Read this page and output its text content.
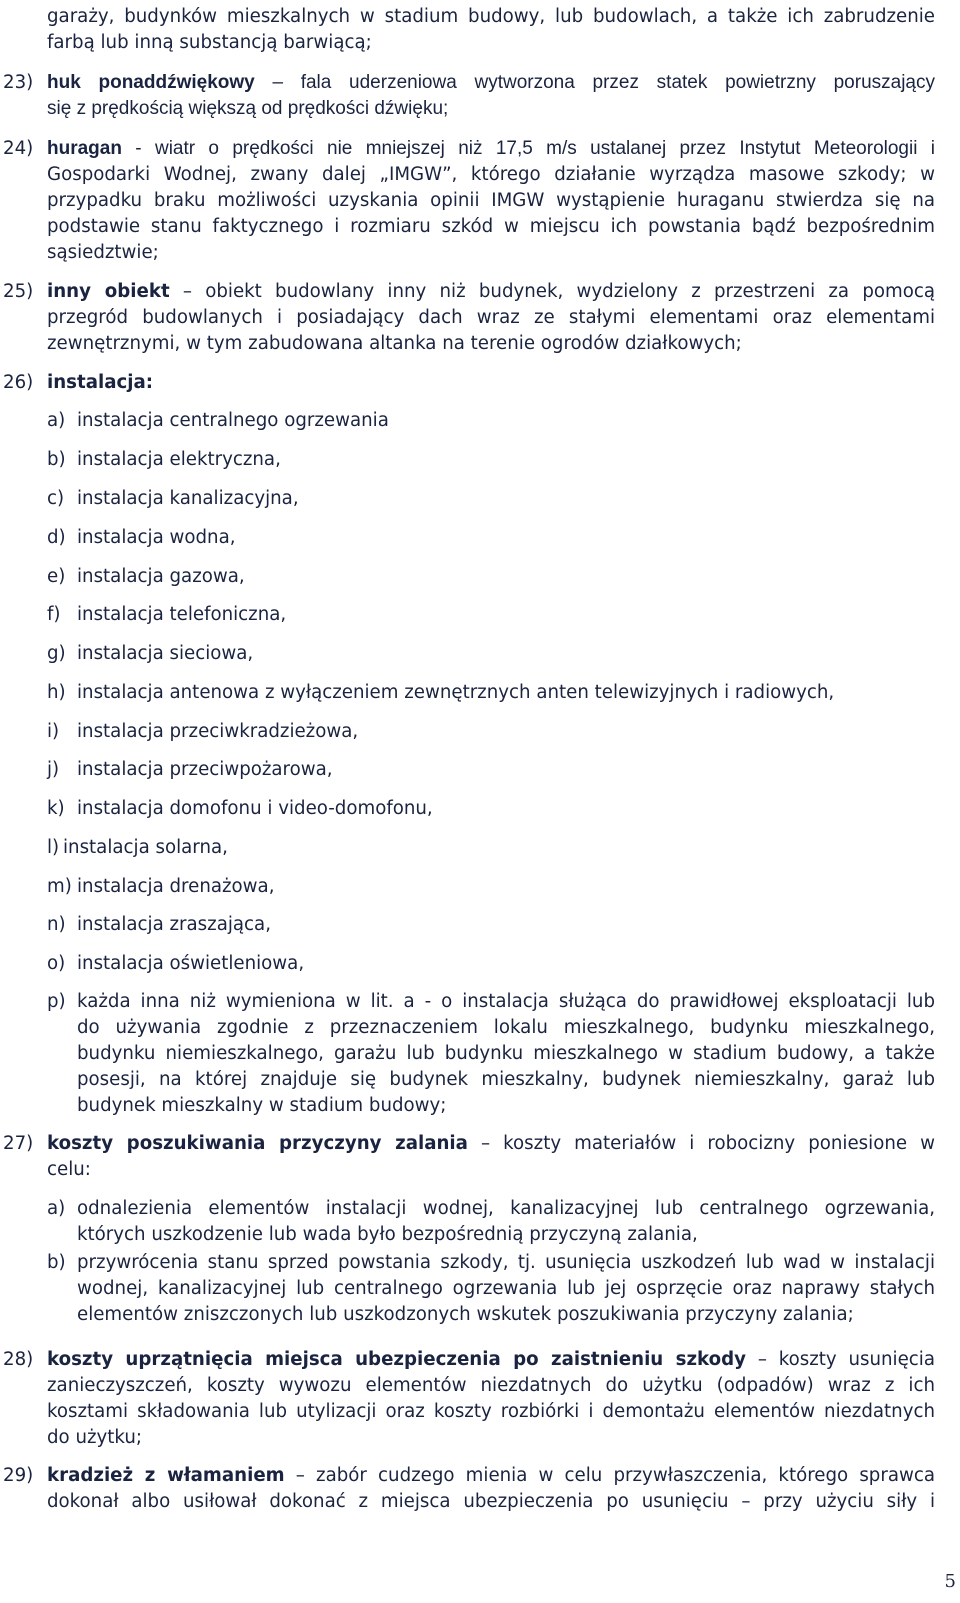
garaży, budynków mieszkalnych w stadium budowy, lub budowlach, a także ich zabrudzenie
farbą lub inną substancją barwiącą;
23) huk ponaddźwiękowy – fala uderzeniowa wytworzona przez statek powietrzny poruszający
się z prędkością większą od prędkości dźwięku;
24) huragan - wiatr o prędkości nie mniejszej niż 17,5 m/s ustalanej przez Instytut Meteorologii i
Gospodarki Wodnej, zwany dalej „IMGW”, którego działanie wyrządza masowe szkody; w
przypadku braku możliwości uzyskania opinii IMGW wystąpienie huraganu stwierdza się na
podstawie stanu faktycznego i rozmiaru szkód w miejscu ich powstania bądź bezpośrednim
sąsiedztwie;
25) inny obiekt – obiekt budowlany inny niż budynek, wydzielony z przestrzeni za pomocą
przegród budowlanych i posiadający dach wraz ze stałymi elementami oraz elementami
zewnętrznymi, w tym zabudowana altanka na terenie ogrodów działkowych;
26) instalacja:
a) instalacja centralnego ogrzewania
b) instalacja elektryczna,
c) instalacja kanalizacyjna,
d) instalacja wodna,
e) instalacja gazowa,
f) instalacja telefoniczna,
g) instalacja sieciowa,
h) instalacja antenowa z wyłączeniem zewnętrznych anten telewizyjnych i radiowych,
i) instalacja przeciwkradzieżowa,
j) instalacja przeciwpożarowa,
k) instalacja domofonu i video-domofonu,
l) instalacja solarna,
m) instalacja drenażowa,
n) instalacja zraszająca,
o) instalacja oświetleniowa,
p) każda inna niż wymieniona w lit. a - o instalacja służąca do prawidłowej eksploatacji lub
do używania zgodnie z przeznaczeniem lokalu mieszkalnego, budynku mieszkalnego,
budynku niemieszkalnego, garażu lub budynku mieszkalnego w stadium budowy, a także
posesji, na której znajduje się budynek mieszkalny, budynek niemieszkalny, garaż lub
budynek mieszkalny w stadium budowy;
27) koszty poszukiwania przyczyny zalania – koszty materiałów i robocizny poniesione w
celu:
a) odnalezienia elementów instalacji wodnej, kanalizacyjnej lub centralnego ogrzewania,
których uszkodzenie lub wada było bezpośrednią przyczyną zalania,
b) przywrócenia stanu sprzed powstania szkody, tj. usunięcia uszkodzeń lub wad w instalacji
wodnej, kanalizacyjnej lub centralnego ogrzewania lub jej osprzęcie oraz naprawy stałych
elementów zniszczonych lub uszkodzonych wskutek poszukiwania przyczyny zalania;
28) koszty uprzątnięcia miejsca ubezpieczenia po zaistnieniu szkody – koszty usunięcia
zanieczyszczeń, koszty wywozu elementów niezdatnych do użytku (odpadów) wraz z ich
kosztami składowania lub utylizacji oraz koszty rozbiórki i demontażu elementów niezdatnych
do użytku;
29) kradzież z włamaniem – zabór cudzego mienia w celu przywłaszczenia, którego sprawca
dokonał albo usiłował dokonać z miejsca ubezpieczenia po usunięciu – przy użyciu siły i
5
